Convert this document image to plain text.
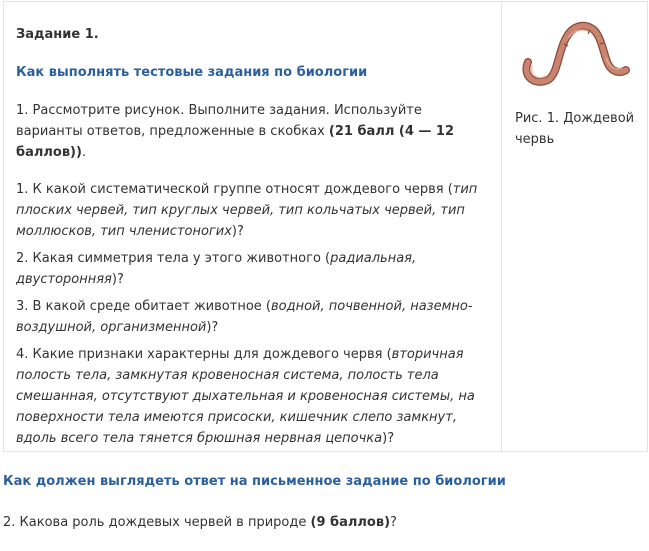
Задание 1.
Как выполнять тестовые задания по биологии
1. Рассмотрите рисунок. Выполните задания. Используйте варианты ответов, предложенные в скобках (21 балл (4 — 12 баллов)).
1. К какой систематической группе относят дождевого червя (тип плоских червей, тип круглых червей, тип кольчатых червей, тип моллюсков, тип членистоногих)?
2. Какая симметрия тела у этого животного (радиальная, двусторонняя)?
3. В какой среде обитает животное (водной, почвенной, наземно-воздушной, организменной)?
4. Какие признаки характерны для дождевого червя (вторичная полость тела, замкнутая кровеносная система, полость тела смешанная, отсутствуют дыхательная и кровеносная системы, на поверхности тела имеются присоски, кишечник слепо замкнут, вдоль всего тела тянется брюшная нервная цепочка)?
Рис. 1. Дождевой червь
Как должен выглядеть ответ на письменное задание по биологии
2. Какова роль дождевых червей в природе (9 баллов)?
